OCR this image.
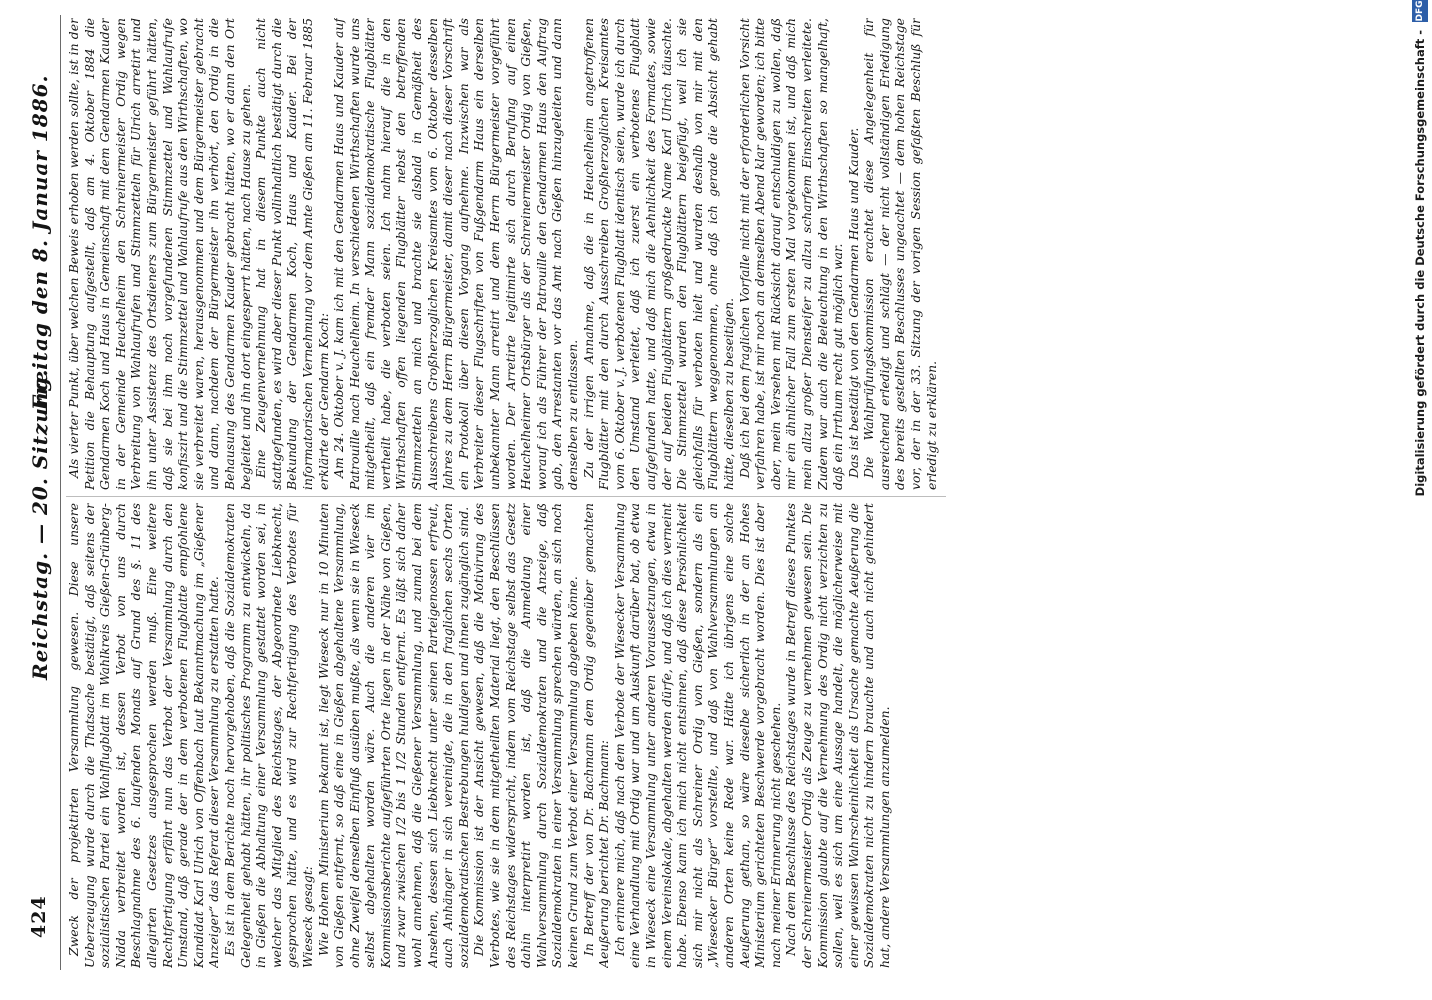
424
Reichstag. — 20. Sitzung.
Freitag den 8. Januar 1886.

Zweck der projektirten Versammlung gewesen. Diese unsere Ueberzeugung wurde durch die Thatsache bestätigt, daß seitens der sozialistischen Partei ein Wahlflugblatt im Wahlkreis Gießen-Grünberg-Nidda verbreitet worden ist, dessen Verbot von uns durch Beschlagnahme des 6. laufenden Monats auf Grund des §. 11 des allegirten Gesetzes ausgesprochen werden muß. Eine weitere Rechtfertigung erfährt nun das Verbot der Versammlung durch den Umstand, daß gerade der in dem verbotenen Flugblatte empfohlene Kandidat Karl Ulrich von Offenbach laut Bekanntmachung im „Gießener Anzeiger“ das Referat dieser Versammlung zu erstatten hatte. Es ist in dem Berichte noch hervorgehoben, daß die Sozialdemokraten Gelegenheit gehabt hätten, ihr politisches Programm zu entwickeln, da in Gießen die Abhaltung einer Versammlung gestattet worden sei, in welcher das Mitglied des Reichstages, der Abgeordnete Liebknecht, gesprochen hätte, und es wird zur Rechtfertigung des Verbotes für Wieseck gesagt: Wie Hohem Ministerium bekannt ist, liegt Wieseck nur in 10 Minuten von Gießen entfernt, so daß eine in Gießen abgehaltene Versammlung, ohne Zweifel denselben Einfluß ausüben mußte, als wenn sie in Wieseck selbst abgehalten worden wäre. Auch die anderen vier im Kommissionsberichte aufgeführten Orte liegen in der Nähe von Gießen, und zwar zwischen 1/2 bis 1 1/2 Stunden entfernt. Es läßt sich daher wohl annehmen, daß die Gießener Versammlung, und zumal bei dem Ansehen, dessen sich Liebknecht unter seinen Parteigenossen erfreut, auch Anhänger in sich vereinigte, die in den fraglichen sechs Orten sozialdemokratischen Bestrebungen huldigen und ihnen zugänglich sind. Die Kommission ist der Ansicht gewesen, daß die Motivirung des Verbotes, wie sie in dem mitgetheilten Material liegt, den Beschlüssen des Reichstages widerspricht, indem vom Reichstage selbst das Gesetz dahin interpretirt worden ist, daß die Anmeldung einer Wahlversammlung durch Sozialdemokraten und die Anzeige, daß Sozialdemokraten in einer Versammlung sprechen würden, an sich noch keinen Grund zum Verbot einer Versammlung abgeben könne. In Betreff der von Dr. Bachmann dem Ordig gegenüber gemachten Aeußerung berichtet Dr. Bachmann: Ich erinnere mich, daß nach dem Verbote der Wiesecker Versammlung eine Verhandlung mit Ordig war und um Auskunft darüber bat, ob etwa in Wieseck eine Versammlung unter anderen Voraussetzungen, etwa in einem Vereinslokale, abgehalten werden dürfe, und daß ich dies verneint habe. Ebenso kann ich mich nicht entsinnen, daß diese Persönlichkeit sich mir nicht als Schreiner Ordig von Gießen, sondern als ein „Wiesecker Bürger“ vorstellte, und daß von Wahlversammlungen an anderen Orten keine Rede war. Hätte ich übrigens eine solche Aeußerung gethan, so wäre dieselbe sicherlich in der an Hohes Ministerium gerichteten Beschwerde vorgebracht worden. Dies ist aber nach meiner Erinnerung nicht geschehen. Nach dem Beschlusse des Reichstages wurde in Betreff dieses Punktes der Schreinermeister Ordig als Zeuge zu vernehmen gewesen sein. Die Kommission glaubte auf die Vernehmung des Ordig nicht verzichten zu sollen, weil es sich um eine Aussage handelt, die möglicherweise mit einer gewissen Wahrscheinlichkeit als Ursache gemachte Aeußerung die Sozialdemokraten nicht zu hindern brauchte und auch nicht gehindert hat, andere Versammlungen anzumelden.

Als vierter Punkt, über welchen Beweis erhoben werden sollte, ist in der Petition die Behauptung aufgestellt, daß am 4. Oktober 1884 die Gendarmen Koch und Haus in Gemeinschaft mit dem Gendarmen Kauder in der Gemeinde Heuchelheim den Schreinermeister Ordig wegen Verbreitung von Wahlaufrufen und Stimmzetteln für Ulrich arretirt und ihn unter Assistenz des Ortsdieners zum Bürgermeister geführt hätten, daß sie bei ihm noch vorgefundenen Stimmzettel und Wahlaufrufe konfiszirt und die Stimmzettel und Wahlaufrufe aus den Wirthschaften, wo sie verbreitet waren, herausgenommen und dem Bürgermeister gebracht und dann, nachdem der Bürgermeister ihn verhört, den Ordig in die Behausung des Gendarmen Kauder gebracht hätten, wo er dann den Ort begleitet und ihn dort eingesperrt hätten, nach Hause zu gehen. Eine Zeugenvernehmung hat in diesem Punkte auch nicht stattgefunden, es wird aber dieser Punkt vollinhaltlich bestätigt durch die Bekundung der Gendarmen Koch, Haus und Kauder. Bei der informatorischen Vernehmung vor dem Amte Gießen am 11. Februar 1885 erklärte der Gendarm Koch: Am 24. Oktober v. J. kam ich mit den Gendarmen Haus und Kauder auf Patrouille nach Heuchelheim. In verschiedenen Wirthschaften wurde uns mitgetheilt, daß ein fremder Mann sozialdemokratische Flugblätter vertheilt habe, die verboten seien. Ich nahm hierauf die in den Wirthschaften offen liegenden Flugblätter nebst den betreffenden Stimmzetteln an mich und brachte sie alsbald in Gemäßheit des Ausschreibens Großherzoglichen Kreisamtes vom 6. Oktober desselben Jahres zu dem Herrn Bürgermeister, damit dieser nach dieser Vorschrift ein Protokoll über diesen Vorgang aufnehme. Inzwischen war als Verbreiter dieser Flugschriften von Fußgendarm Haus ein derselben unbekannter Mann arretirt und dem Herrn Bürgermeister vorgeführt worden. Der Arretirte legitimirte sich durch Berufung auf einen Heuchelheimer Ortsbürger als der Schreinermeister Ordig von Gießen, worauf ich als Führer der Patrouille den Gendarmen Haus den Auftrag gab, den Arrestanten vor das Amt nach Gießen hinzugeleiten und dann denselben zu entlassen. Zu der irrigen Annahme, daß die in Heuchelheim angetroffenen Flugblätter mit den durch Ausschreiben Großherzoglichen Kreisamtes vom 6. Oktober v. J. verbotenen Flugblatt identisch seien, wurde ich durch den Umstand verleitet, daß ich zuerst ein verbotenes Flugblatt aufgefunden hatte, und daß mich die Aehnlichkeit des Formates, sowie der auf beiden Flugblättern großgedruckte Name Karl Ulrich täuschte. Die Stimmzettel wurden den Flugblättern beigefügt, weil ich sie gleichfalls für verboten hielt und wurden deshalb von mir mit den Flugblättern weggenommen, ohne daß ich gerade die Absicht gehabt hätte, dieselben zu beseitigen. Daß ich bei dem fraglichen Vorfalle nicht mit der erforderlichen Vorsicht verfahren habe, ist mir noch an demselben Abend klar geworden; ich bitte aber, mein Versehen mit Rücksicht darauf entschuldigen zu wollen, daß mir ein ähnlicher Fall zum ersten Mal vorgekommen ist, und daß mich mein allzu großer Diensteifer zu allzu scharfem Einschreiten verleitete. Zudem war auch die Beleuchtung in den Wirthschaften so mangelhaft, daß ein Irrthum recht gut möglich war. Das ist bestätigt von den Gendarmen Haus und Kauder. Die Wahlprüfungskommission erachtet diese Angelegenheit für ausreichend erledigt und schlägt — der nicht vollständigen Erledigung des bereits gestellten Beschlusses ungeachtet — dem hohen Reichstage vor, der in der 33. Sitzung der vorigen Session gefaßten Beschluß für erledigt zu erklären.	Digitalisierung gefördert durch die Deutsche Forschungsgemeinschaft -
DFG
